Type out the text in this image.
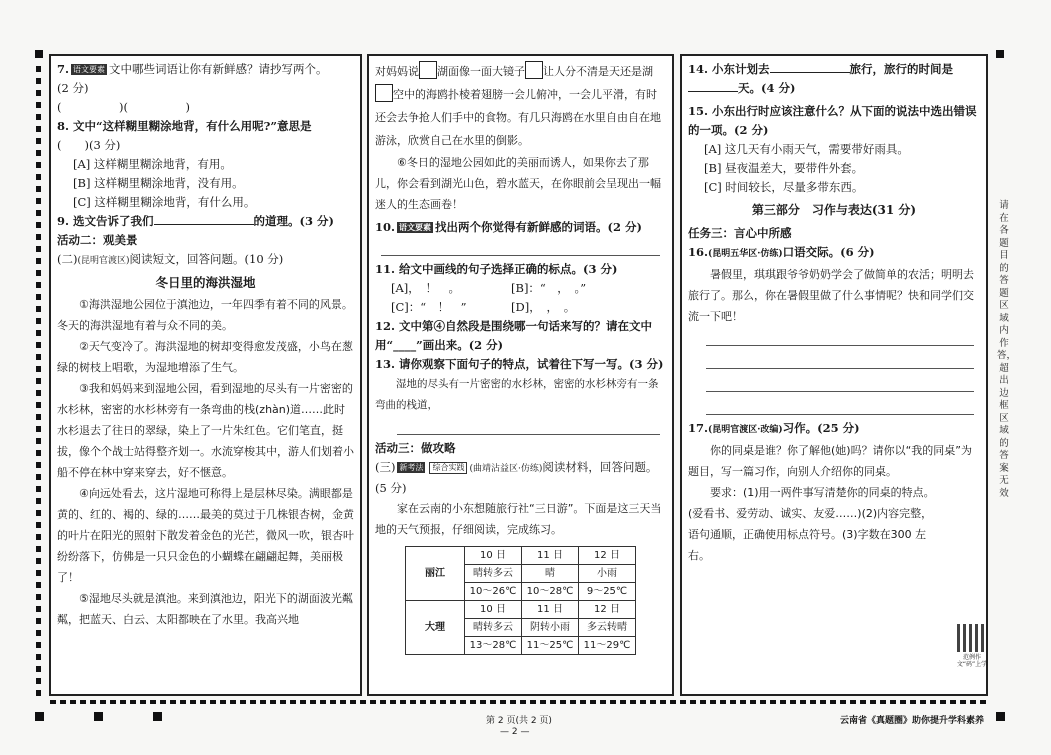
7. 语文要素 文中哪些词语让你有新鲜感？请抄写两个。
(2 分)
(　　　　　)(　　　　　)

8. 文中“这样糊里糊涂地背，有什么用呢?”意思是
(　　)(3 分)

[A] 这样糊里糊涂地背，有用。

[B] 这样糊里糊涂地背，没有用。

[C] 这样糊里糊涂地背，有什么用。

9. 选文告诉了我们	的道理。(3 分)

活动二：观美景

(二)(昆明官渡区)阅读短文，回答问题。(10 分)

冬日里的海洪湿地

①海洪湿地公园位于滇池边，一年四季有着不同的风景。冬天的海洪湿地有着与众不同的美。

②天气变冷了。海洪湿地的树却变得愈发茂盛，小鸟在葱绿的树枝上唱歌，为湿地增添了生气。

③我和妈妈来到湿地公园，看到湿地的尽头有一片密密的水杉林，密密的水杉林旁有一条弯曲的栈(zhàn)道……此时水杉退去了往日的翠绿，染上了一片朱红色。它们笔直，挺拔，像个个战士站得整齐划一。水流穿梭其中，游人们划着小船不停在林中穿来穿去，好不惬意。

④向远处看去，这片湿地可称得上是层林尽染。满眼都是黄的、红的、褐的、绿的……最美的莫过于几株银杏树，金黄的叶片在阳光的照射下散发着金色的光芒，微风一吹，银杏叶纷纷落下，仿佛是一只只金色的小蝴蝶在翩翩起舞，美丽极了！

⑤湿地尽头就是滇池。来到滇池边，阳光下的湖面波光粼粼，把蓝天、白云、太阳都映在了水里。我高兴地

对妈妈说 湖面像一面大镜子 让人分不清是天还是湖空中的海鸥扑棱着翅膀一会儿俯冲，一会儿平滑，有时还会去争抢人们手中的食物。有几只海鸥在水里自由自在地游泳，欣赏自己在水里的倒影。

⑥冬日的湿地公园如此的美丽而诱人，如果你去了那儿，你会看到湖光山色，碧水蓝天，在你眼前会呈现出一幅迷人的生态画卷！

10. 语文要素 找出两个你觉得有新鲜感的词语。(2 分)

11. 给文中画线的句子选择正确的标点。(3 分)

[A]，　！　。	[B]：“　，　。”

[C]：“　！　”	[D]，　，　。

12. 文中第④自然段是围绕哪一句话来写的？请在文中用“____”画出来。(2 分)

13. 请你观察下面句子的特点，试着往下写一写。(3 分)

湿地的尽头有一片密密的水杉林，密密的水杉林旁有一条弯曲的栈道，

活动三：做攻略

(三) 新考法 综合实践 (曲靖沾益区·仿练)阅读材料，回答问题。(5 分)

家在云南的小东想随旅行社“三日游”。下面是这三天当地的天气预报，仔细阅读，完成练习。

丽江	10 日	11 日	12 日
	晴转多云	晴	小雨
	10～26℃	10～28℃	9～25℃
大理	10 日	11 日	12 日
	晴转多云	阴转小雨	多云转晴
	13～28℃	11～25℃	11～29℃

14. 小东计划去	旅行，旅行的时间是
天。(4 分)

15. 小东出行时应该注意什么？从下面的说法中选出错误的一项。(2 分)

[A] 这几天有小雨天气，需要带好雨具。

[B] 昼夜温差大，要带件外套。

[C] 时间较长，尽量多带东西。

第三部分　习作与表达(31 分)

任务三：言心中所感

16.(昆明五华区·仿练)口语交际。(6 分)

暑假里，琪琪跟爷爷奶奶学会了做简单的农活；明明去旅行了。那么，你在暑假里做了什么事情呢？快和同学们交流一下吧！

17.(昆明官渡区·改编)习作。(25 分)

你的同桌是谁？你了解他(她)吗？请你以“我的同桌”为题目，写一篇习作，向别人介绍你的同桌。

要求：(1)用一两件事写清楚你的同桌的特点。(爱看书、爱劳动、诚实、友爱……)(2)内容完整，语句通顺，正确使用标点符号。(3)字数在300 左右。

范例作文“码”上学
请在各题目的答题区域内作答，超出边框区域的答案无效
第 2 页(共 2 页)
— 2 —
云南省《真题圈》助你提升学科素养
